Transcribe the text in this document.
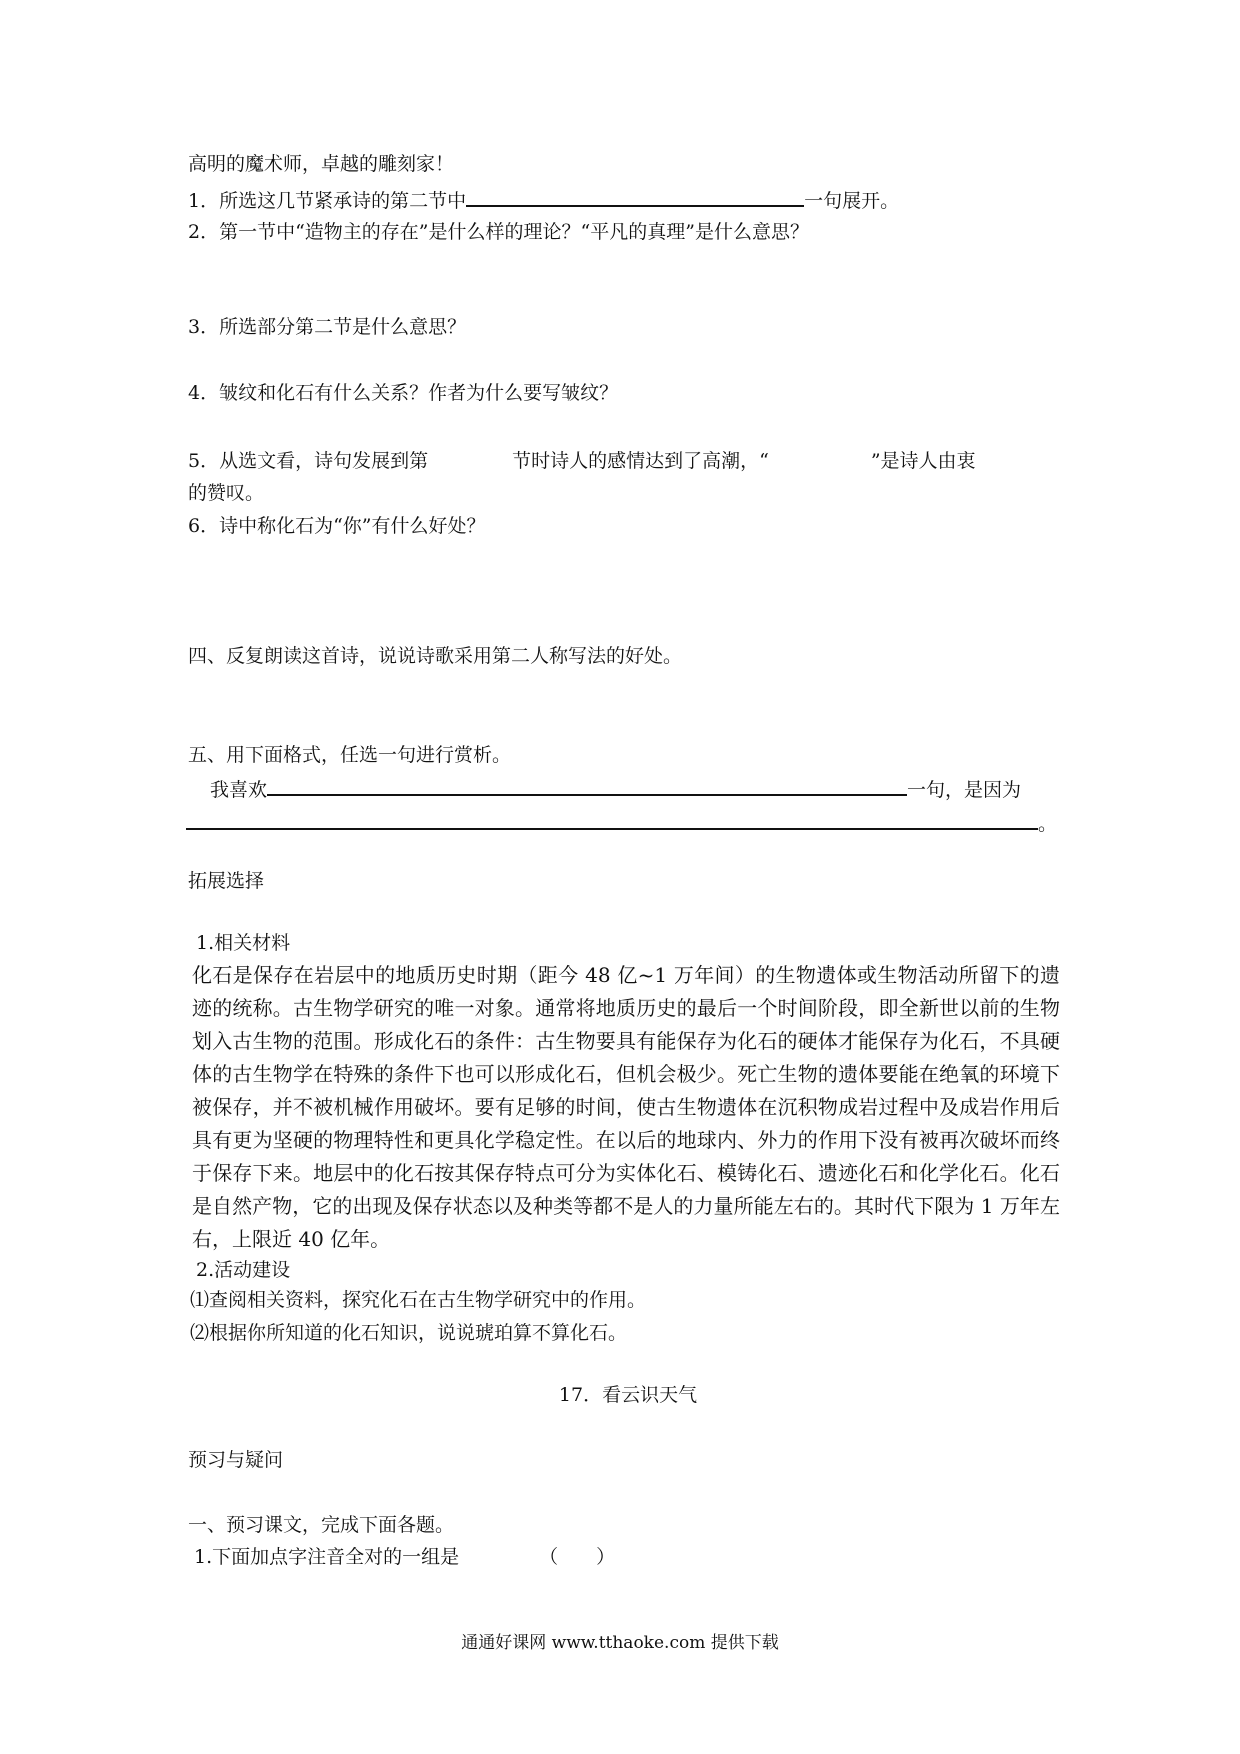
高明的魔术师，卓越的雕刻家！
1．所选这几节紧承诗的第二节中	一句展开。
2．第一节中“造物主的存在”是什么样的理论？“平凡的真理”是什么意思？
3．所选部分第二节是什么意思？
4．皱纹和化石有什么关系？作者为什么要写皱纹？
5．从选文看，诗句发展到第	节时诗人的感情达到了高潮，“	”是诗人由衷
的赞叹。
6．诗中称化石为“你”有什么好处？
四、反复朗读这首诗，说说诗歌采用第二人称写法的好处。
五、用下面格式，任选一句进行赏析。
我喜欢	一句，是因为
。
拓展选择
1.相关材料
化石是保存在岩层中的地质历史时期（距今 48 亿~1 万年间）的生物遗体或生物活动所留下的遗迹的统称。古生物学研究的唯一对象。通常将地质历史的最后一个时间阶段，即全新世以前的生物划入古生物的范围。形成化石的条件：古生物要具有能保存为化石的硬体才能保存为化石，不具硬体的古生物学在特殊的条件下也可以形成化石，但机会极少。死亡生物的遗体要能在绝氧的环境下被保存，并不被机械作用破坏。要有足够的时间，使古生物遗体在沉积物成岩过程中及成岩作用后具有更为坚硬的物理特性和更具化学稳定性。在以后的地球内、外力的作用下没有被再次破坏而终于保存下来。地层中的化石按其保存特点可分为实体化石、模铸化石、遗迹化石和化学化石。化石是自然产物，它的出现及保存状态以及种类等都不是人的力量所能左右的。其时代下限为 1 万年左右，上限近 40 亿年。
2.活动建设
⑴查阅相关资料，探究化石在古生物学研究中的作用。
⑵根据你所知道的化石知识，说说琥珀算不算化石。
17．看云识天气
预习与疑问
一、预习课文，完成下面各题。
1.下面加点字注音全对的一组是	（　　）
通通好课网 www.tthaoke.com 提供下载
